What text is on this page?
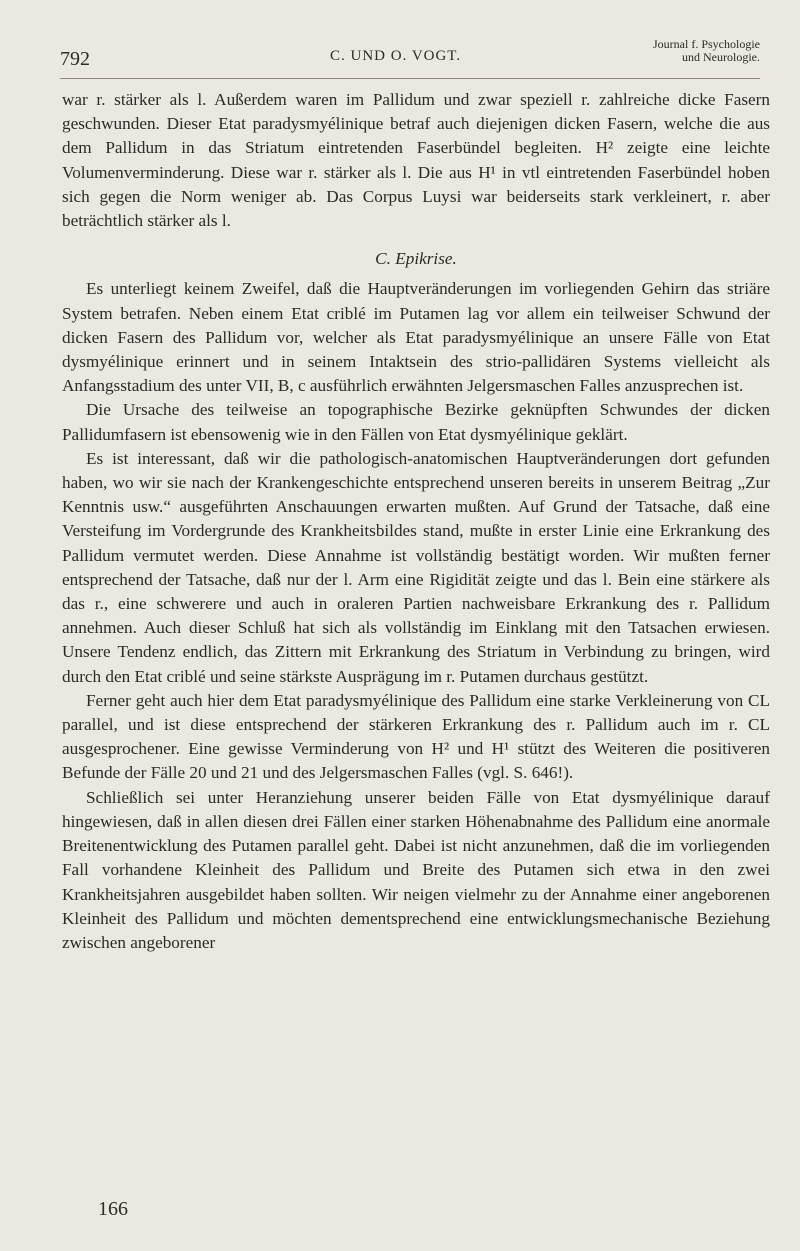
792	C. UND O. VOGT.
Journal f. Psychologie
und Neurologie.

war r. stärker als l. Außerdem waren im Pallidum und zwar speziell r. zahlreiche dicke Fasern geschwunden. Dieser Etat paradysmyélinique betraf auch diejenigen dicken Fasern, welche die aus dem Pallidum in das Striatum eintretenden Faserbündel begleiten. H² zeigte eine leichte Volumenverminderung. Diese war r. stärker als l. Die aus H¹ in vtl eintretenden Faserbündel hoben sich gegen die Norm weniger ab. Das Corpus Luysi war beiderseits stark verkleinert, r. aber beträchtlich stärker als l.

C. Epikrise.

Es unterliegt keinem Zweifel, daß die Hauptveränderungen im vorliegenden Gehirn das striäre System betrafen. Neben einem Etat criblé im Putamen lag vor allem ein teilweiser Schwund der dicken Fasern des Pallidum vor, welcher als Etat paradysmyélinique an unsere Fälle von Etat dysmyélinique erinnert und in seinem Intaktsein des strio-pallidären Systems vielleicht als Anfangsstadium des unter VII, B, c ausführlich erwähnten Jelgersmaschen Falles anzusprechen ist.

Die Ursache des teilweise an topographische Bezirke geknüpften Schwundes der dicken Pallidumfasern ist ebensowenig wie in den Fällen von Etat dysmyélinique geklärt.

Es ist interessant, daß wir die pathologisch-anatomischen Hauptveränderungen dort gefunden haben, wo wir sie nach der Krankengeschichte entsprechend unseren bereits in unserem Beitrag „Zur Kenntnis usw.“ ausgeführten Anschauungen erwarten mußten. Auf Grund der Tatsache, daß eine Versteifung im Vordergrunde des Krankheitsbildes stand, mußte in erster Linie eine Erkrankung des Pallidum vermutet werden. Diese Annahme ist vollständig bestätigt worden. Wir mußten ferner entsprechend der Tatsache, daß nur der l. Arm eine Rigidität zeigte und das l. Bein eine stärkere als das r., eine schwerere und auch in oraleren Partien nachweisbare Erkrankung des r. Pallidum annehmen. Auch dieser Schluß hat sich als vollständig im Einklang mit den Tatsachen erwiesen. Unsere Tendenz endlich, das Zittern mit Erkrankung des Striatum in Verbindung zu bringen, wird durch den Etat criblé und seine stärkste Ausprägung im r. Putamen durchaus gestützt.

Ferner geht auch hier dem Etat paradysmyélinique des Pallidum eine starke Verkleinerung von CL parallel, und ist diese entsprechend der stärkeren Erkrankung des r. Pallidum auch im r. CL ausgesprochener. Eine gewisse Verminderung von H² und H¹ stützt des Weiteren die positiveren Befunde der Fälle 20 und 21 und des Jelgersmaschen Falles (vgl. S. 646!).

Schließlich sei unter Heranziehung unserer beiden Fälle von Etat dysmyélinique darauf hingewiesen, daß in allen diesen drei Fällen einer starken Höhenabnahme des Pallidum eine anormale Breitenentwicklung des Putamen parallel geht. Dabei ist nicht anzunehmen, daß die im vorliegenden Fall vorhandene Kleinheit des Pallidum und Breite des Putamen sich etwa in den zwei Krankheitsjahren ausgebildet haben sollten. Wir neigen vielmehr zu der Annahme einer angeborenen Kleinheit des Pallidum und möchten dementsprechend eine entwicklungsmechanische Beziehung zwischen angeborener

166
